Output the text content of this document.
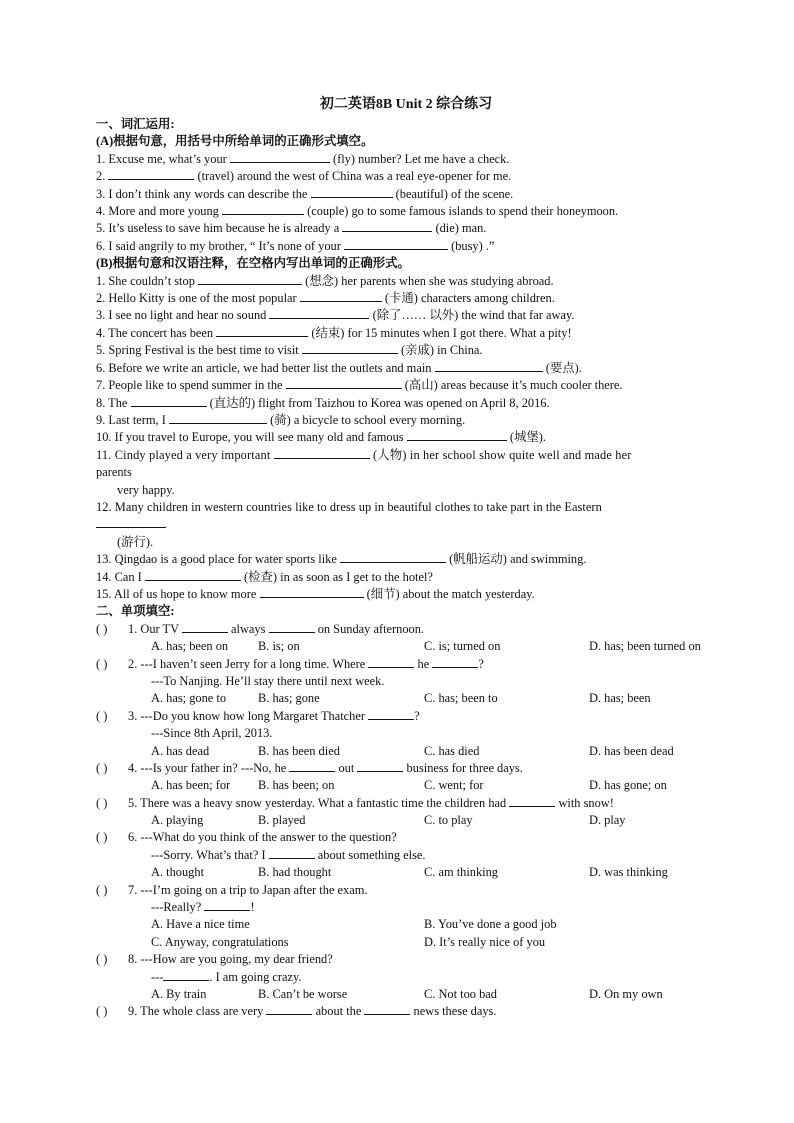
初二英语8B Unit 2 综合练习
一、词汇运用:
(A)根据句意，用括号中所给单词的正确形式填空。
1. Excuse me, what’s your	(fly) number? Let me have a check.
2.	(travel) around the west of China was a real eye-opener for me.
3. I don’t think any words can describe the	(beautiful) of the scene.
4. More and more young	(couple) go to some famous islands to spend their honeymoon.
5. It’s useless to save him because he is already a	(die) man.
6. I said angrily to my brother, “ It’s none of your	(busy) .”
(B)根据句意和汉语注释，在空格内写出单词的正确形式。
1. She couldn’t stop	(想念) her parents when she was studying abroad.
2. Hello Kitty is one of the most popular	(卡通) characters among children.
3. I see no light and hear no sound	(除了…… 以外) the wind that far away.
4. The concert has been	(结束) for 15 minutes when I got there. What a pity!
5. Spring Festival is the best time to visit	(亲戚) in China.
6. Before we write an article, we had better list the outlets and main	(要点).
7. People like to spend summer in the	(高山) areas because it’s much cooler there.
8. The	(直达的) flight from Taizhou to Korea was opened on April 8, 2016.
9. Last term, I	(骑) a bicycle to school every morning.
10. If you travel to Europe, you will see many old and famous	(城堡).
11. Cindy played a very important	(人物) in her school show quite well and made her
parents
very happy.
12. Many children in western countries like to dress up in beautiful clothes to take part in the Eastern
(游行).
13. Qingdao is a good place for water sports like	(帆船运动) and swimming.
14. Can I	(检查) in as soon as I get to the hotel?
15. All of us hope to know more	(细节) about the match yesterday.
二、单项填空:
( ) 1. Our TV	always	on Sunday afternoon.
A. has; been on B. is; on	C. is; turned on	D. has; been turned on
( ) 2. ---I haven’t seen Jerry for a long time. Where	he	?
---To Nanjing. He’ll stay there until next week.
A. has; gone to	B. has; gone	C. has; been to	D. has; been
( ) 3. ---Do you know how long Margaret Thatcher	?
---Since 8th April, 2013.
A. has dead	B. has been died	C. has died	D. has been dead
( ) 4. ---Is your father in? ---No, he	out	business for three days.
A. has been; for B. has been; on	C. went; for	D. has gone; on
( ) 5. There was a heavy snow yesterday. What a fantastic time the children had	with snow!
A. playing	B. played	C. to play	D. play
( ) 6. ---What do you think of the answer to the question?
---Sorry. What’s that? I	about something else.
A. thought	B. had thought	C. am thinking	D. was thinking
( ) 7. ---I’m going on a trip to Japan after the exam.
---Really?	!
A. Have a nice time	B. You’ve done a good job
C. Anyway, congratulations	D. It’s really nice of you
( ) 8. ---How are you going, my dear friend?
---	. I am going crazy.
A. By train	B. Can’t be worse	C. Not too bad	D. On my own
( ) 9. The whole class are very	about the	news these days.
